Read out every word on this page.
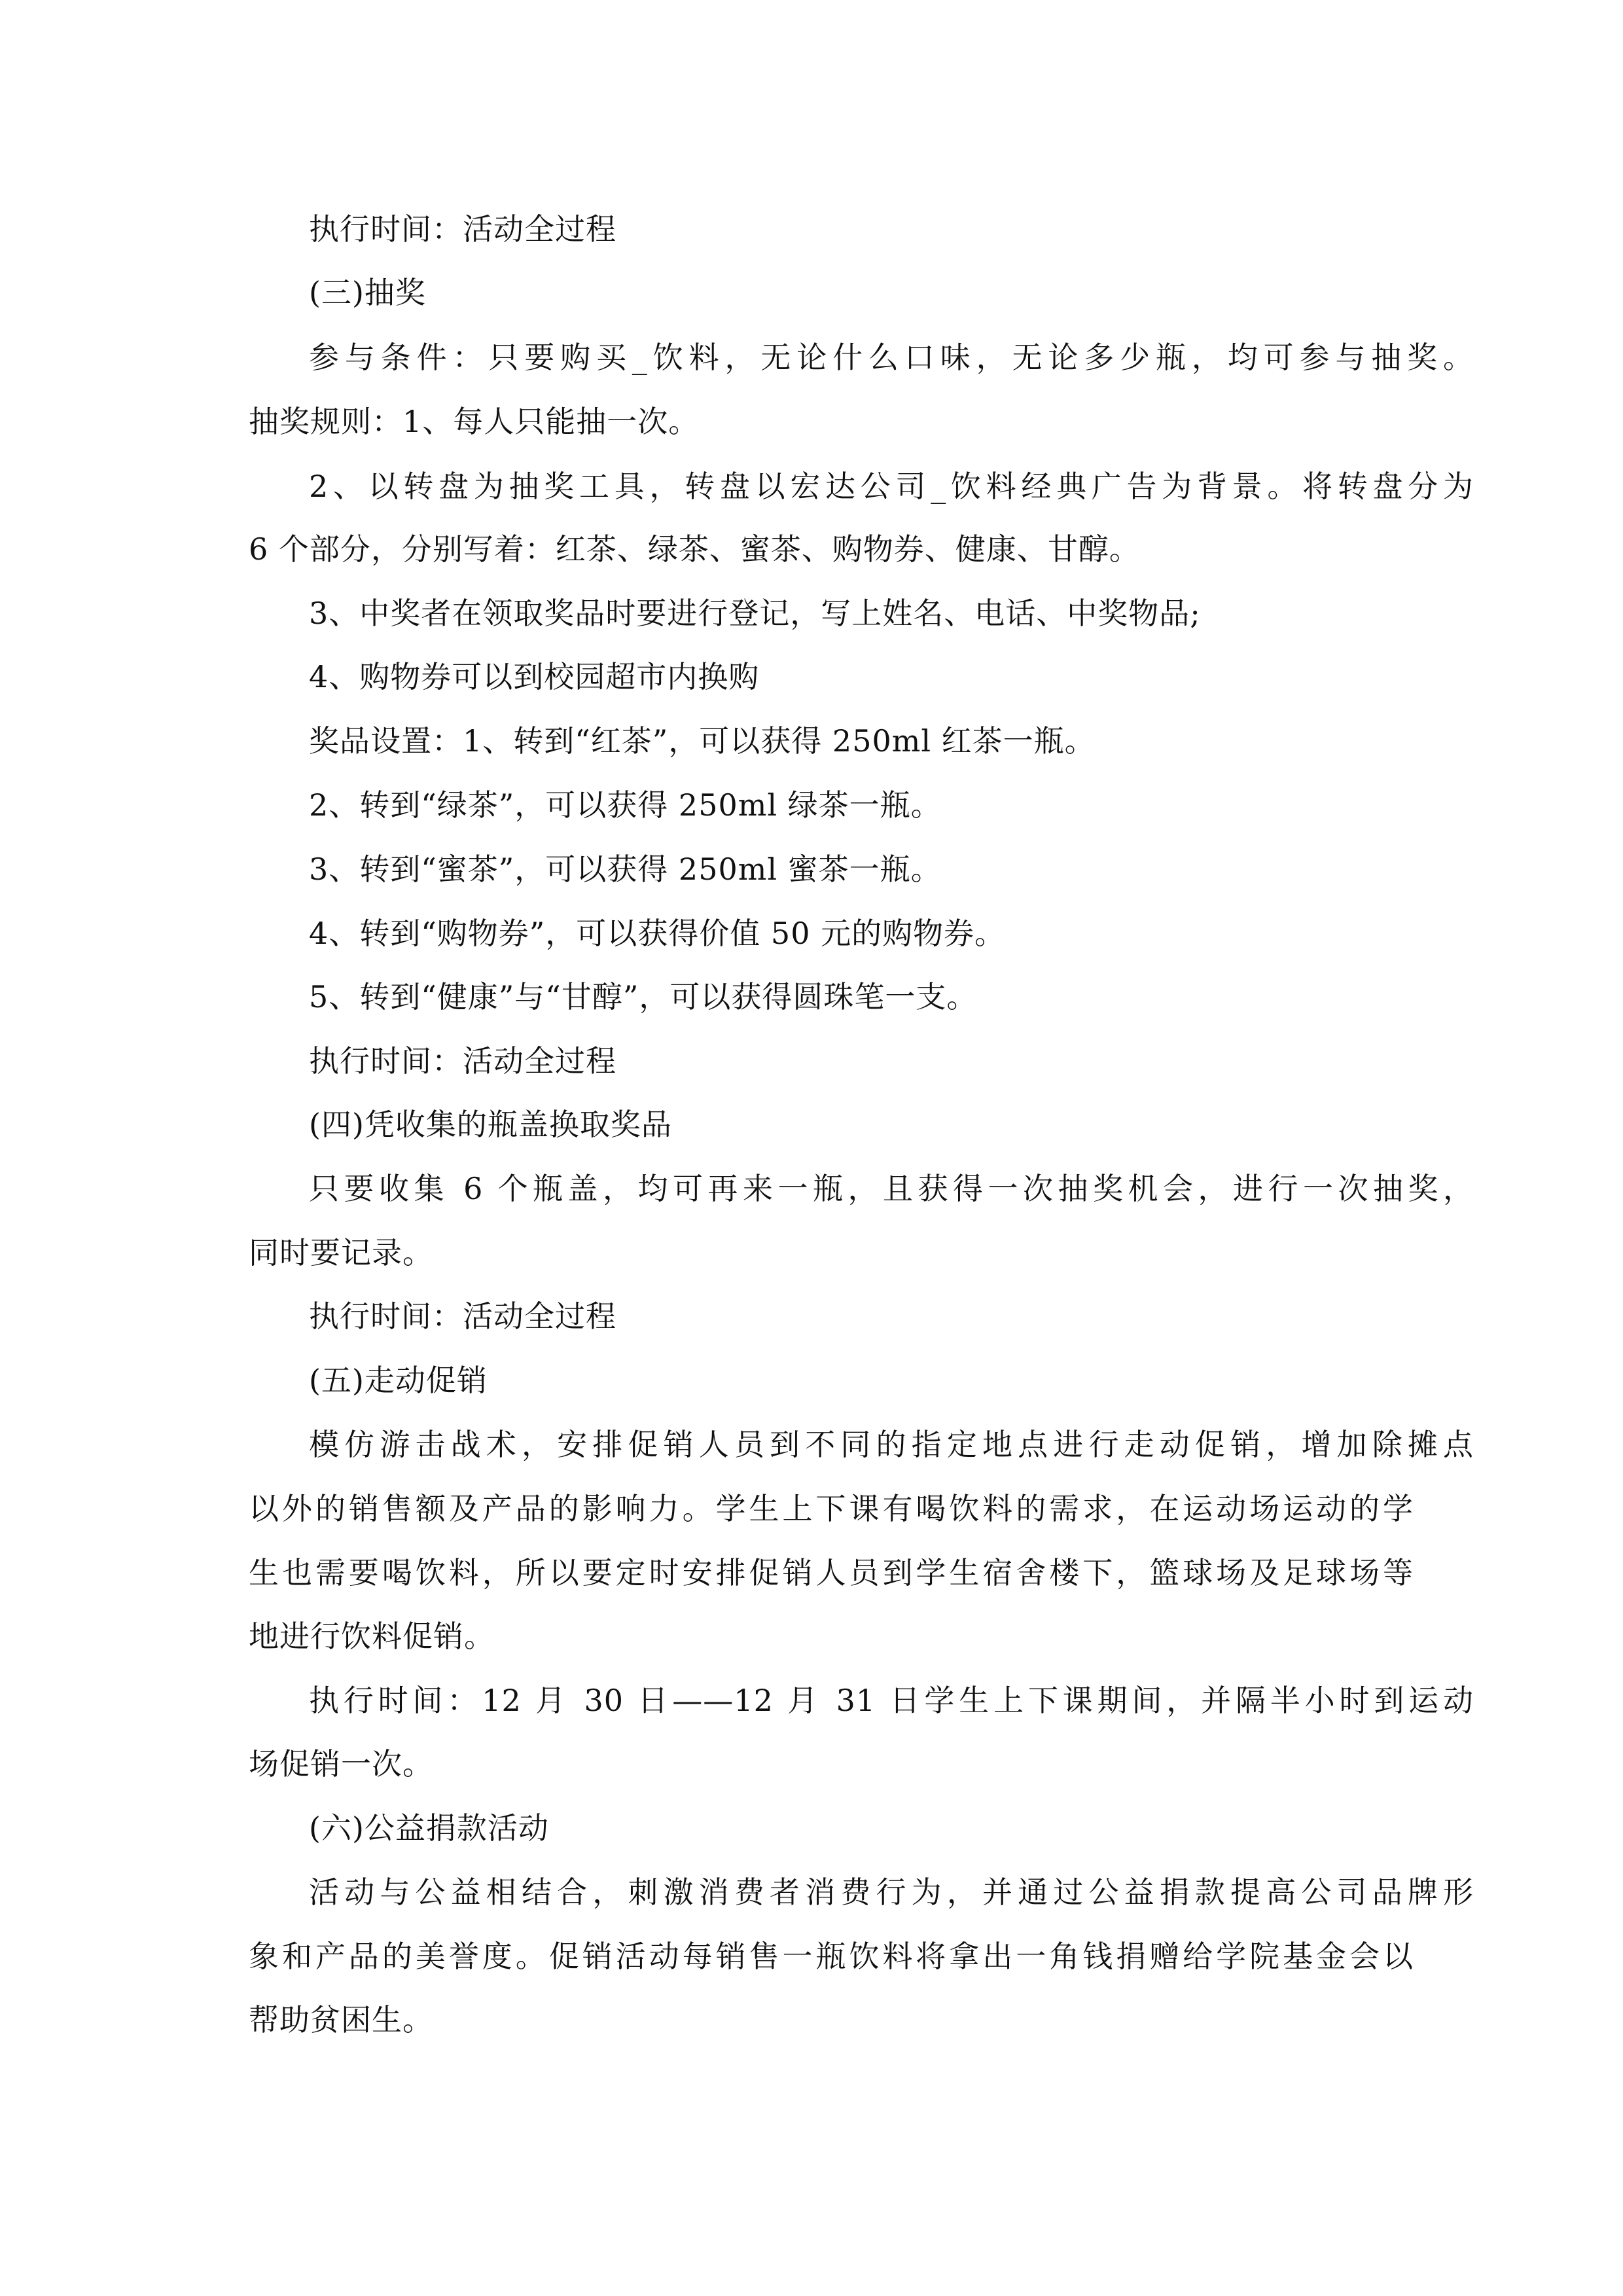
执行时间：活动全过程
(三)抽奖
参与条件：只要购买_饮料，无论什么口味，无论多少瓶，均可参与抽奖。
抽奖规则：1、每人只能抽一次。
2、以转盘为抽奖工具，转盘以宏达公司_饮料经典广告为背景。将转盘分为
6 个部分，分别写着：红茶、绿茶、蜜茶、购物券、健康、甘醇。
3、中奖者在领取奖品时要进行登记，写上姓名、电话、中奖物品;
4、购物券可以到校园超市内换购
奖品设置：1、转到“红茶”，可以获得 250ml 红茶一瓶。
2、转到“绿茶”，可以获得 250ml 绿茶一瓶。
3、转到“蜜茶”，可以获得 250ml 蜜茶一瓶。
4、转到“购物券”，可以获得价值 50 元的购物券。
5、转到“健康”与“甘醇”，可以获得圆珠笔一支。
执行时间：活动全过程
(四)凭收集的瓶盖换取奖品
只要收集 6 个瓶盖，均可再来一瓶，且获得一次抽奖机会，进行一次抽奖，
同时要记录。
执行时间：活动全过程
(五)走动促销
模仿游击战术，安排促销人员到不同的指定地点进行走动促销，增加除摊点
以外的销售额及产品的影响力。学生上下课有喝饮料的需求，在运动场运动的学
生也需要喝饮料，所以要定时安排促销人员到学生宿舍楼下，篮球场及足球场等
地进行饮料促销。
执行时间：12 月 30 日——12 月 31 日学生上下课期间，并隔半小时到运动
场促销一次。
(六)公益捐款活动
活动与公益相结合，刺激消费者消费行为，并通过公益捐款提高公司品牌形
象和产品的美誉度。促销活动每销售一瓶饮料将拿出一角钱捐赠给学院基金会以
帮助贫困生。
